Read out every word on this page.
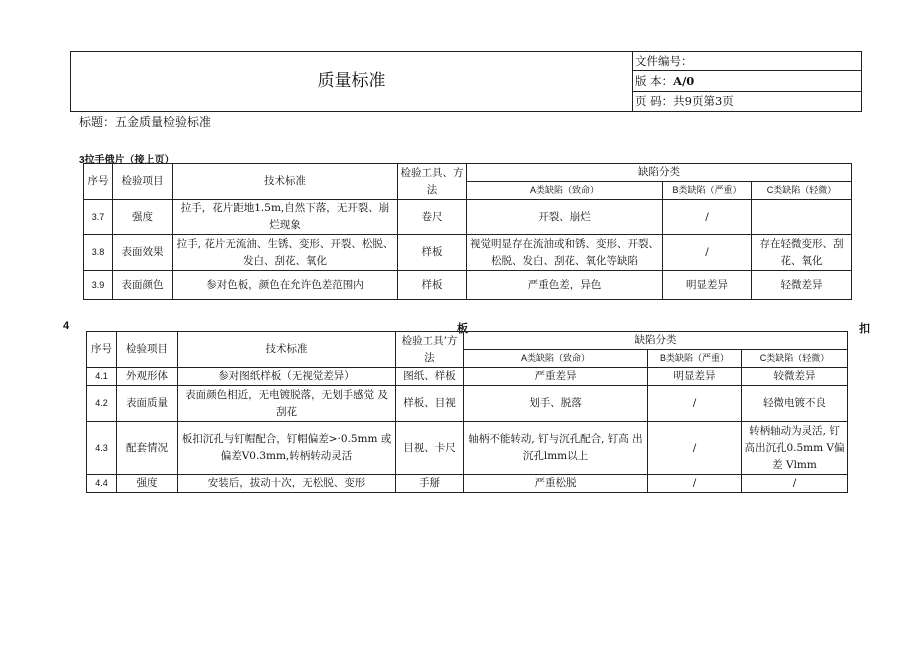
质量标准	文件编号：
版 本：A/0
页 码：共9页第3页
标题：五金质量检验标准
3拉手俄片（接上页）
序号	检验项目	技术标准	检验工具、方法	缺陷分类		
				A类缺陷（致命）	B类缺陷（严重）	C类缺陷（轻微）
3.7	强度	拉手，花片距地1.5m,自然下落，无开裂、崩 烂现象	卷尺	开裂、崩烂	/	
3.8	表面效果	拉手, 花片无流油、生锈、变形、开裂、松脱、发白、刮花、氧化	样板	视觉明显存在流油或和锈、变形、开裂、松脱、发白、刮花、氧化等缺陷	/	存在轻微变形、刮花、氧化
3.9	表面颜色	参对色板，颜色在允许色差范围内	样板	严重色差，异色	明显差异	轻微差异
4	板	扣
序号	检验项目	技术标准	检验工具’方法	缺陷分类		
				A类缺陷（致命）	B类缺陷（严重）	C类缺陷（轻微）
4.1	外观形体	参对图纸样板（无视觉差异）	图纸、样板	严重差异	明显差异	较微差异
4.2	表面质量	表面颜色相近，无电镀脱落，无划手感觉 及刮花	样板、目视	划手、脱落	/	轻微电镀不良
4.3	配套情况	板扣沉孔与钉帽配合，钉帽偏差>·0.5mm 或偏差V0.3mm,转柄转动灵活	目视、卡尺	轴柄不能转动, 钉与沉孔配合, 钉高 出沉孔lmm以上	/	转柄轴动为灵活, 钉高出沉孔0.5mm V偏差 Vlmm
4.4	强度	安装后，拔动十次，无松脱、变形	手掰	严重松脱	/	/
